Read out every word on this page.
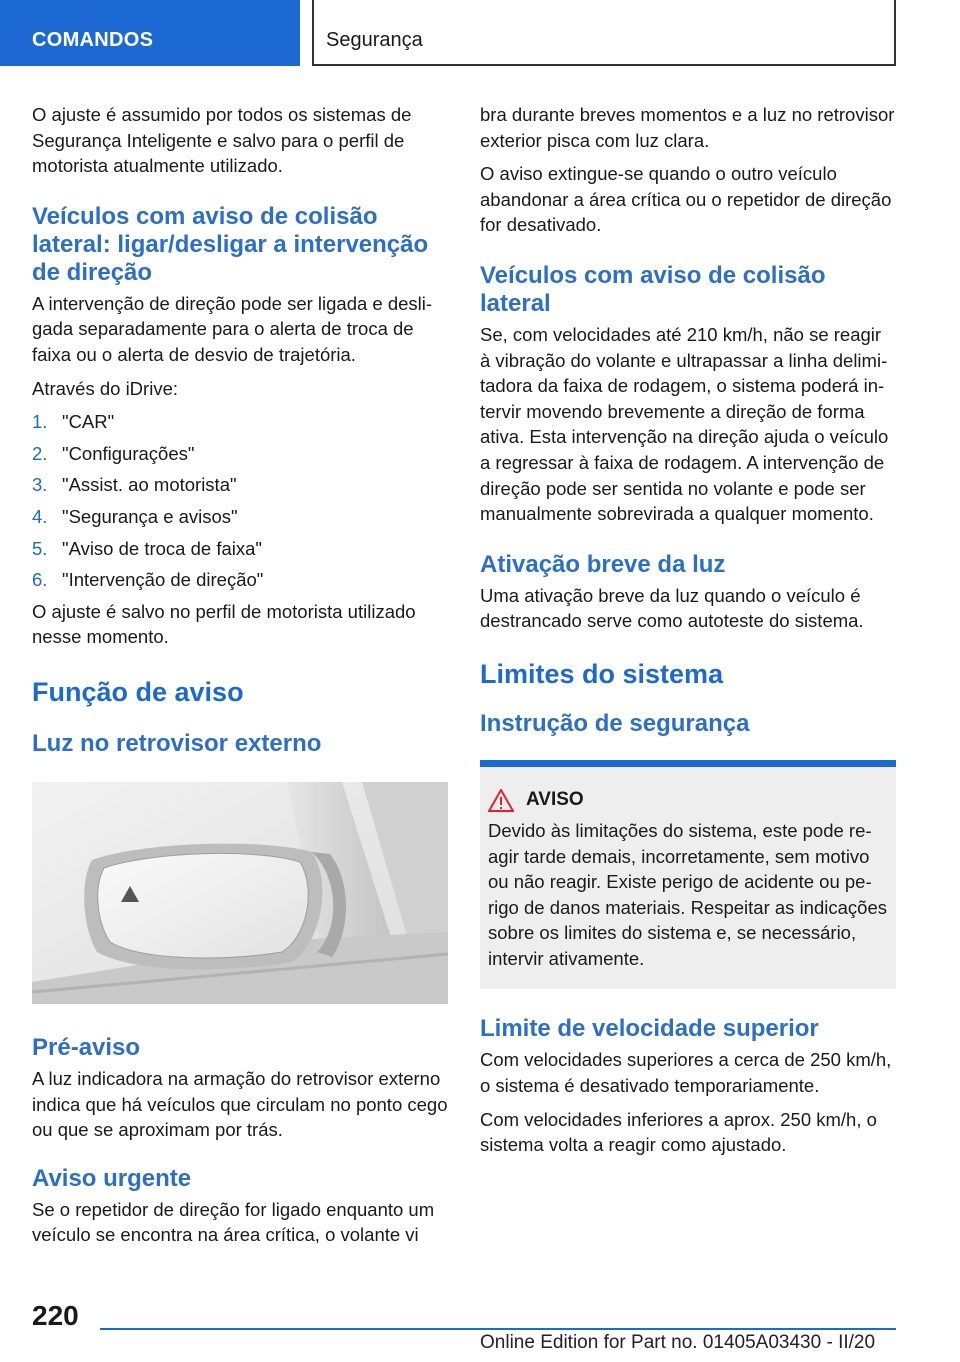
COMANDOS	Segurança

O ajuste é assumido por todos os sistemas de Segurança Inteligente e salvo para o perfil de motorista atualmente utilizado.

Veículos com aviso de colisão lateral: ligar/desligar a intervenção de direção

A intervenção de direção pode ser ligada e desligada separadamente para o alerta de troca de faixa ou o alerta de desvio de trajetória.

Através do iDrive:

1. "CAR"
2. "Configurações"
3. "Assist. ao motorista"
4. "Segurança e avisos"
5. "Aviso de troca de faixa"
6. "Intervenção de direção"

O ajuste é salvo no perfil de motorista utilizado nesse momento.

Função de aviso
Luz no retrovisor externo
Pré-aviso

A luz indicadora na armação do retrovisor externo indica que há veículos que circulam no ponto cego ou que se aproximam por trás.

Aviso urgente

Se o repetidor de direção for ligado enquanto um veículo se encontra na área crítica, o volante vi

bra durante breves momentos e a luz no retrovisor exterior pisca com luz clara.

O aviso extingue-se quando o outro veículo abandonar a área crítica ou o repetidor de direção for desativado.

Veículos com aviso de colisão lateral

Se, com velocidades até 210 km/h, não se reagir à vibração do volante e ultrapassar a linha delimitadora da faixa de rodagem, o sistema poderá intervir movendo brevemente a direção de forma ativa. Esta intervenção na direção ajuda o veículo a regressar à faixa de rodagem. A intervenção de direção pode ser sentida no volante e pode ser manualmente sobrevirada a qualquer momento.

Ativação breve da luz

Uma ativação breve da luz quando o veículo é destrancado serve como autoteste do sistema.

Limites do sistema
Instrução de segurança
AVISO

Devido às limitações do sistema, este pode reagir tarde demais, incorretamente, sem motivo ou não reagir. Existe perigo de acidente ou perigo de danos materiais. Respeitar as indicações sobre os limites do sistema e, se necessário, intervir ativamente.

Limite de velocidade superior

Com velocidades superiores a cerca de 250 km/h, o sistema é desativado temporariamente.

Com velocidades inferiores a aprox. 250 km/h, o sistema volta a reagir como ajustado.

220
Online Edition for Part no. 01405A03430 - II/20
